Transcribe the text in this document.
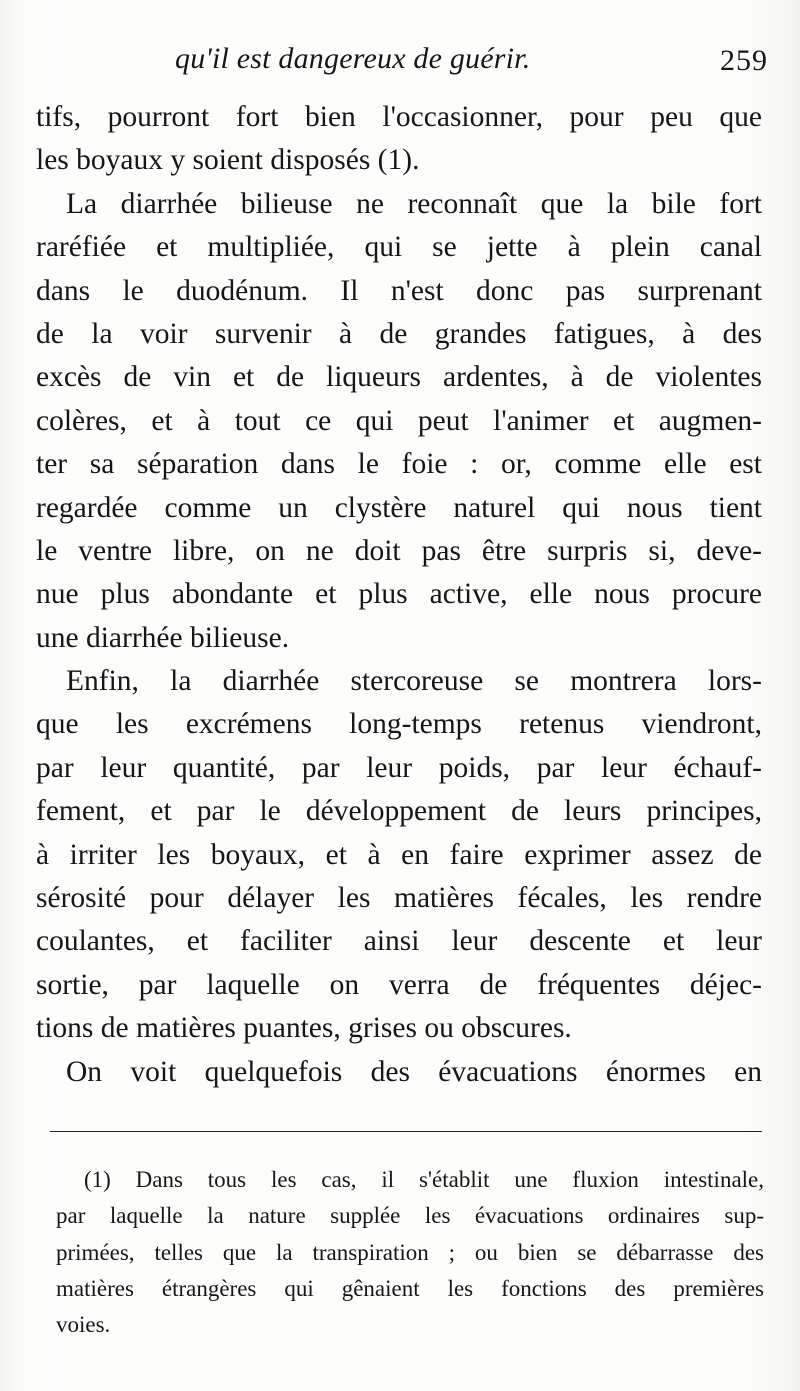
qu'il est dangereux de guérir.	259
tifs, pourront fort bien l'occasionner, pour peu que
les boyaux y soient disposés (1).
La diarrhée bilieuse ne reconnaît que la bile fort
raréfiée et multipliée, qui se jette à plein canal
dans le duodénum. Il n'est donc pas surprenant
de la voir survenir à de grandes fatigues, à des
excès de vin et de liqueurs ardentes, à de violentes
colères, et à tout ce qui peut l'animer et augmen-
ter sa séparation dans le foie : or, comme elle est
regardée comme un clystère naturel qui nous tient
le ventre libre, on ne doit pas être surpris si, deve-
nue plus abondante et plus active, elle nous procure
une diarrhée bilieuse.
Enfin, la diarrhée stercoreuse se montrera lors-
que les excrémens long-temps retenus viendront,
par leur quantité, par leur poids, par leur échauf-
fement, et par le développement de leurs principes,
à irriter les boyaux, et à en faire exprimer assez de
sérosité pour délayer les matières fécales, les rendre
coulantes, et faciliter ainsi leur descente et leur
sortie, par laquelle on verra de fréquentes déjec-
tions de matières puantes, grises ou obscures.
On voit quelquefois des évacuations énormes en
(1) Dans tous les cas, il s'établit une fluxion intestinale,
par laquelle la nature supplée les évacuations ordinaires sup-
primées, telles que la transpiration ; ou bien se débarrasse des
matières étrangères qui gênaient les fonctions des premières
voies.
